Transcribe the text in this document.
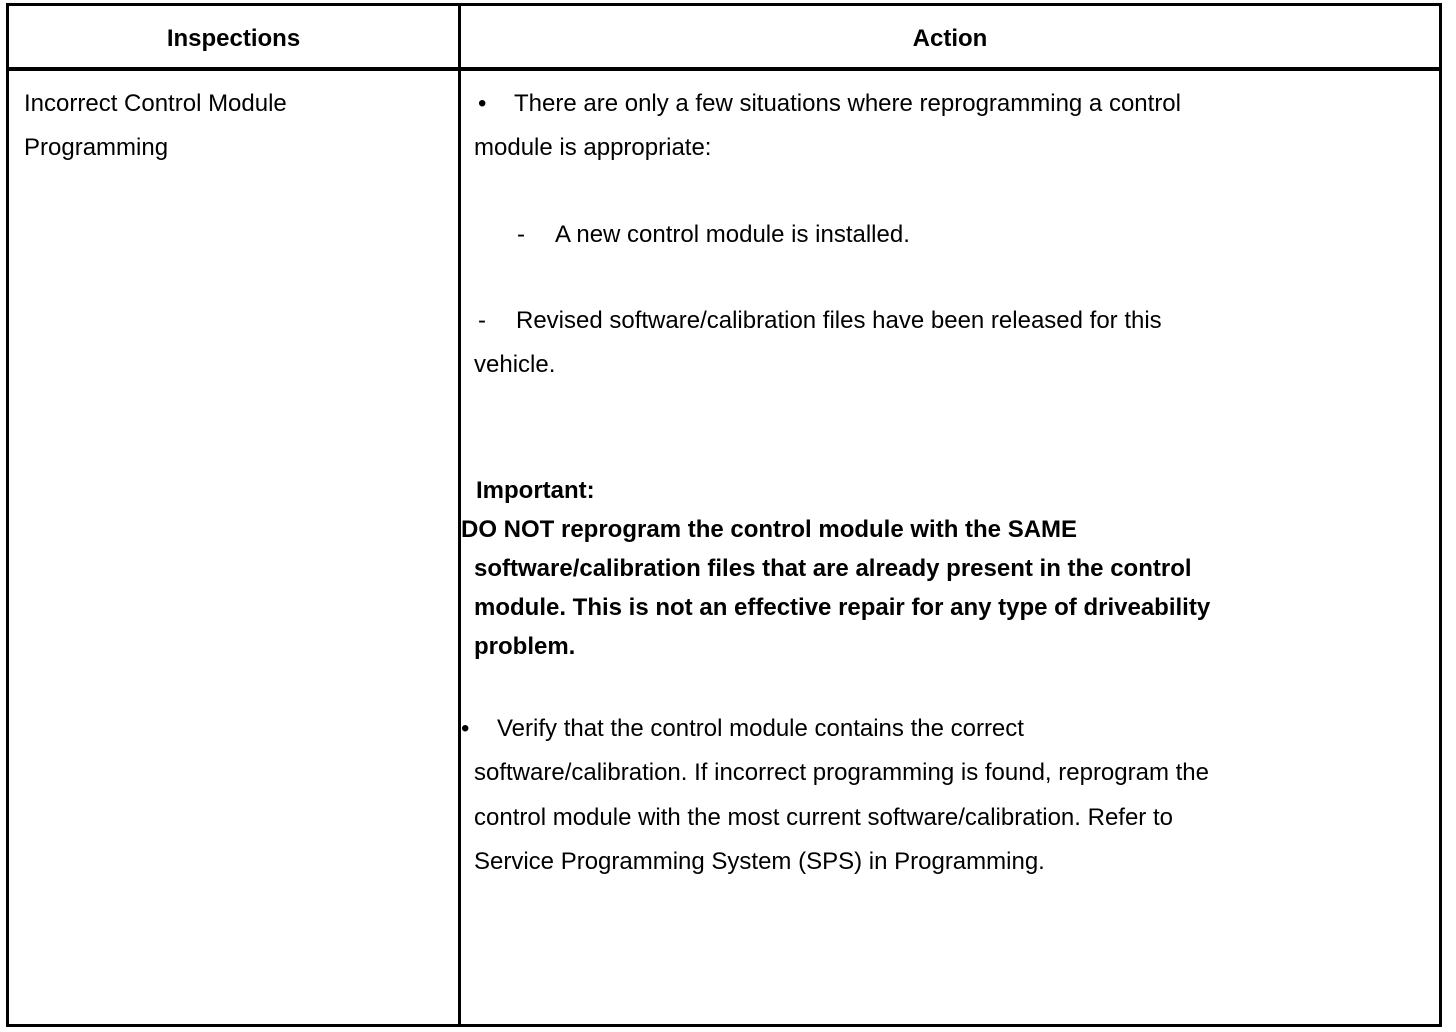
Inspections	Action
Incorrect Control Module
Programming
• There are only a few situations where reprogramming a control
module is appropriate:
- A new control module is installed.
- Revised software/calibration files have been released for this
vehicle.
Important:
DO NOT reprogram the control module with the SAME
software/calibration files that are already present in the control
module. This is not an effective repair for any type of driveability
problem.
• Verify that the control module contains the correct
software/calibration. If incorrect programming is found, reprogram the
control module with the most current software/calibration. Refer to
Service Programming System (SPS) in Programming.
